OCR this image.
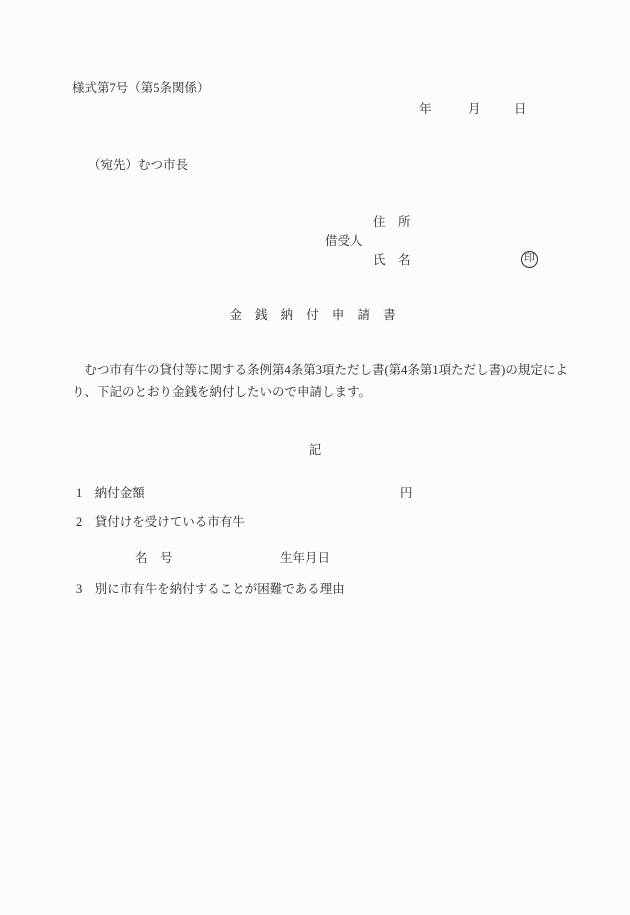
様式第7号（第5条関係）
年	月	日
（宛先）むつ市長
住　所
借受人
氏　名	印
金 銭 納 付 申 請 書
　むつ市有牛の貸付等に関する条例第4条第3項ただし書(第4条第1項ただし書)の規定によ
り、下記のとおり金銭を納付したいので申請します。
記
1　納付金額	円
2　貸付けを受けている市有牛
名　号	生年月日
3　別に市有牛を納付することが困難である理由
